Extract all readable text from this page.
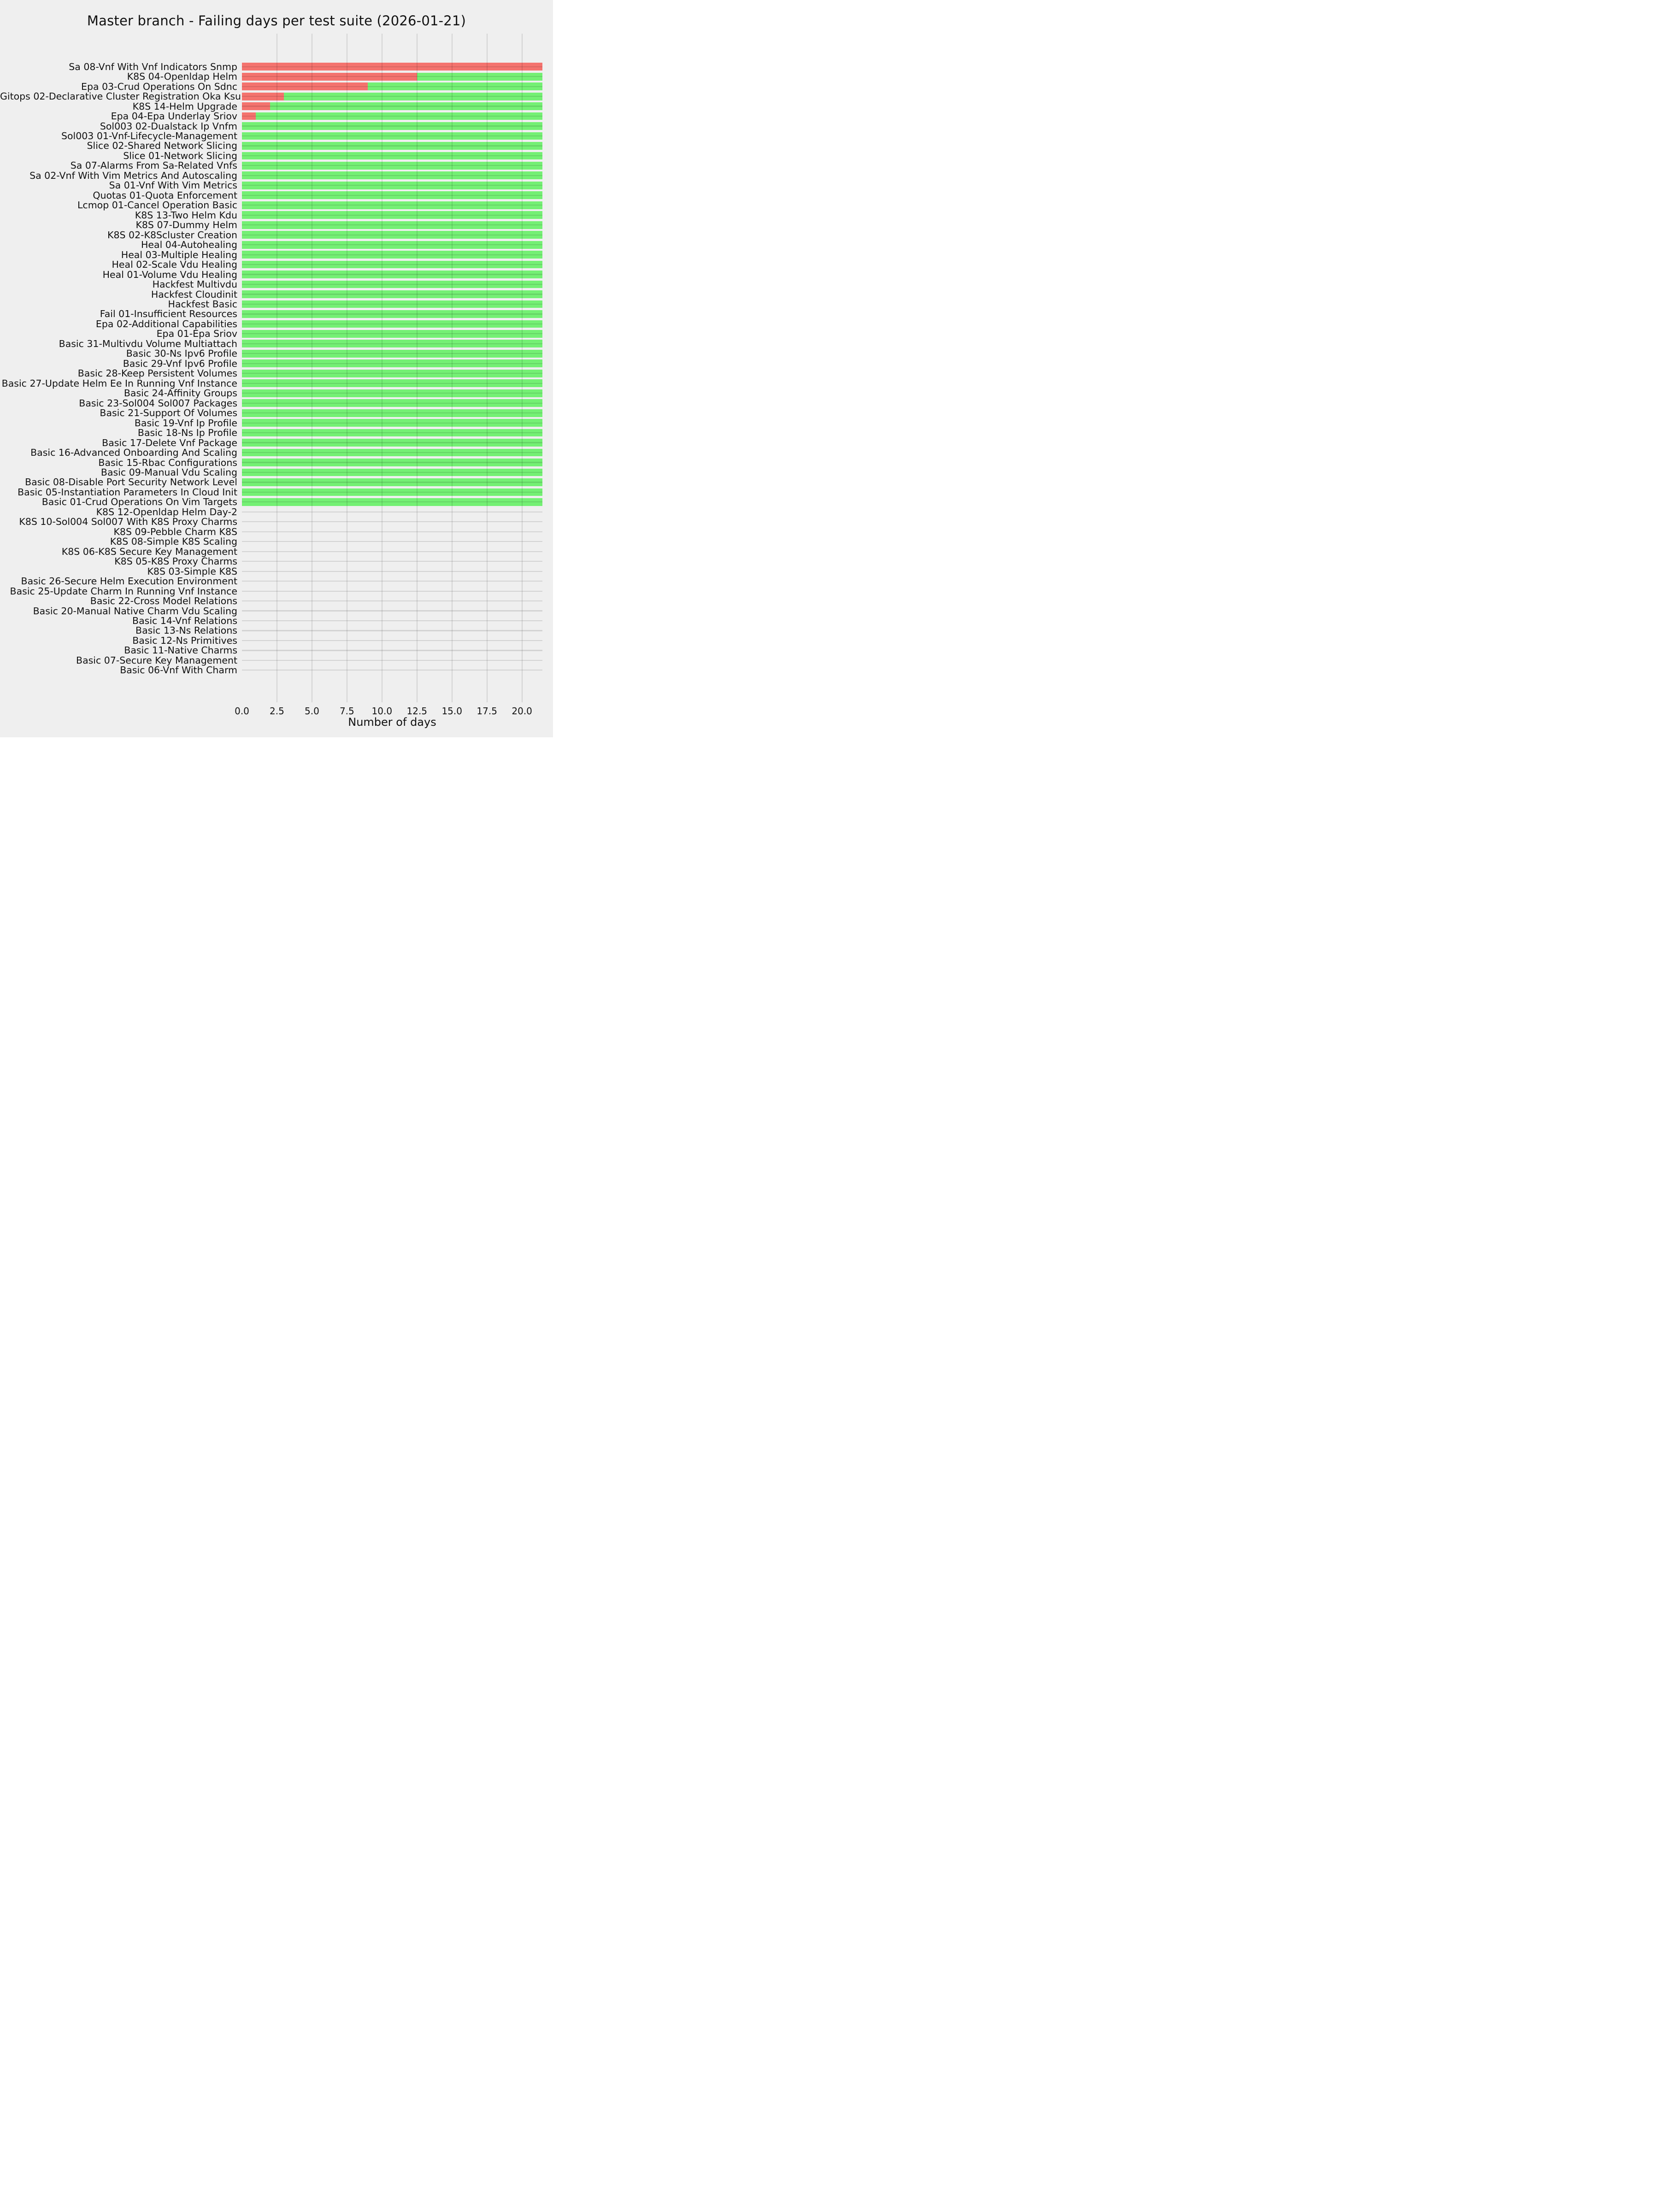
Master branch - Failing days per test suite (2026-01-21)
Sa 08-Vnf With Vnf Indicators Snmp
K8S 04-Openldap Helm
Epa 03-Crud Operations On Sdnc
Gitops 02-Declarative Cluster Registration Oka Ksu
K8S 14-Helm Upgrade
Epa 04-Epa Underlay Sriov
Sol003 02-Dualstack Ip Vnfm
Sol003 01-Vnf-Lifecycle-Management
Slice 02-Shared Network Slicing
Slice 01-Network Slicing
Sa 07-Alarms From Sa-Related Vnfs
Sa 02-Vnf With Vim Metrics And Autoscaling
Sa 01-Vnf With Vim Metrics
Quotas 01-Quota Enforcement
Lcmop 01-Cancel Operation Basic
K8S 13-Two Helm Kdu
K8S 07-Dummy Helm
K8S 02-K8Scluster Creation
Heal 04-Autohealing
Heal 03-Multiple Healing
Heal 02-Scale Vdu Healing
Heal 01-Volume Vdu Healing
Hackfest Multivdu
Hackfest Cloudinit
Hackfest Basic
Fail 01-Insufficient Resources
Epa 02-Additional Capabilities
Epa 01-Epa Sriov
Basic 31-Multivdu Volume Multiattach
Basic 30-Ns Ipv6 Profile
Basic 29-Vnf Ipv6 Profile
Basic 28-Keep Persistent Volumes
Basic 27-Update Helm Ee In Running Vnf Instance
Basic 24-Affinity Groups
Basic 23-Sol004 Sol007 Packages
Basic 21-Support Of Volumes
Basic 19-Vnf Ip Profile
Basic 18-Ns Ip Profile
Basic 17-Delete Vnf Package
Basic 16-Advanced Onboarding And Scaling
Basic 15-Rbac Configurations
Basic 09-Manual Vdu Scaling
Basic 08-Disable Port Security Network Level
Basic 05-Instantiation Parameters In Cloud Init
Basic 01-Crud Operations On Vim Targets
K8S 12-Openldap Helm Day-2
K8S 10-Sol004 Sol007 With K8S Proxy Charms
K8S 09-Pebble Charm K8S
K8S 08-Simple K8S Scaling
K8S 06-K8S Secure Key Management
K8S 05-K8S Proxy Charms
K8S 03-Simple K8S
Basic 26-Secure Helm Execution Environment
Basic 25-Update Charm In Running Vnf Instance
Basic 22-Cross Model Relations
Basic 20-Manual Native Charm Vdu Scaling
Basic 14-Vnf Relations
Basic 13-Ns Relations
Basic 12-Ns Primitives
Basic 11-Native Charms
Basic 07-Secure Key Management
Basic 06-Vnf With Charm
0.0	2.5	5.0	7.5	10.0	12.5	15.0	17.5	20.0
Number of days
